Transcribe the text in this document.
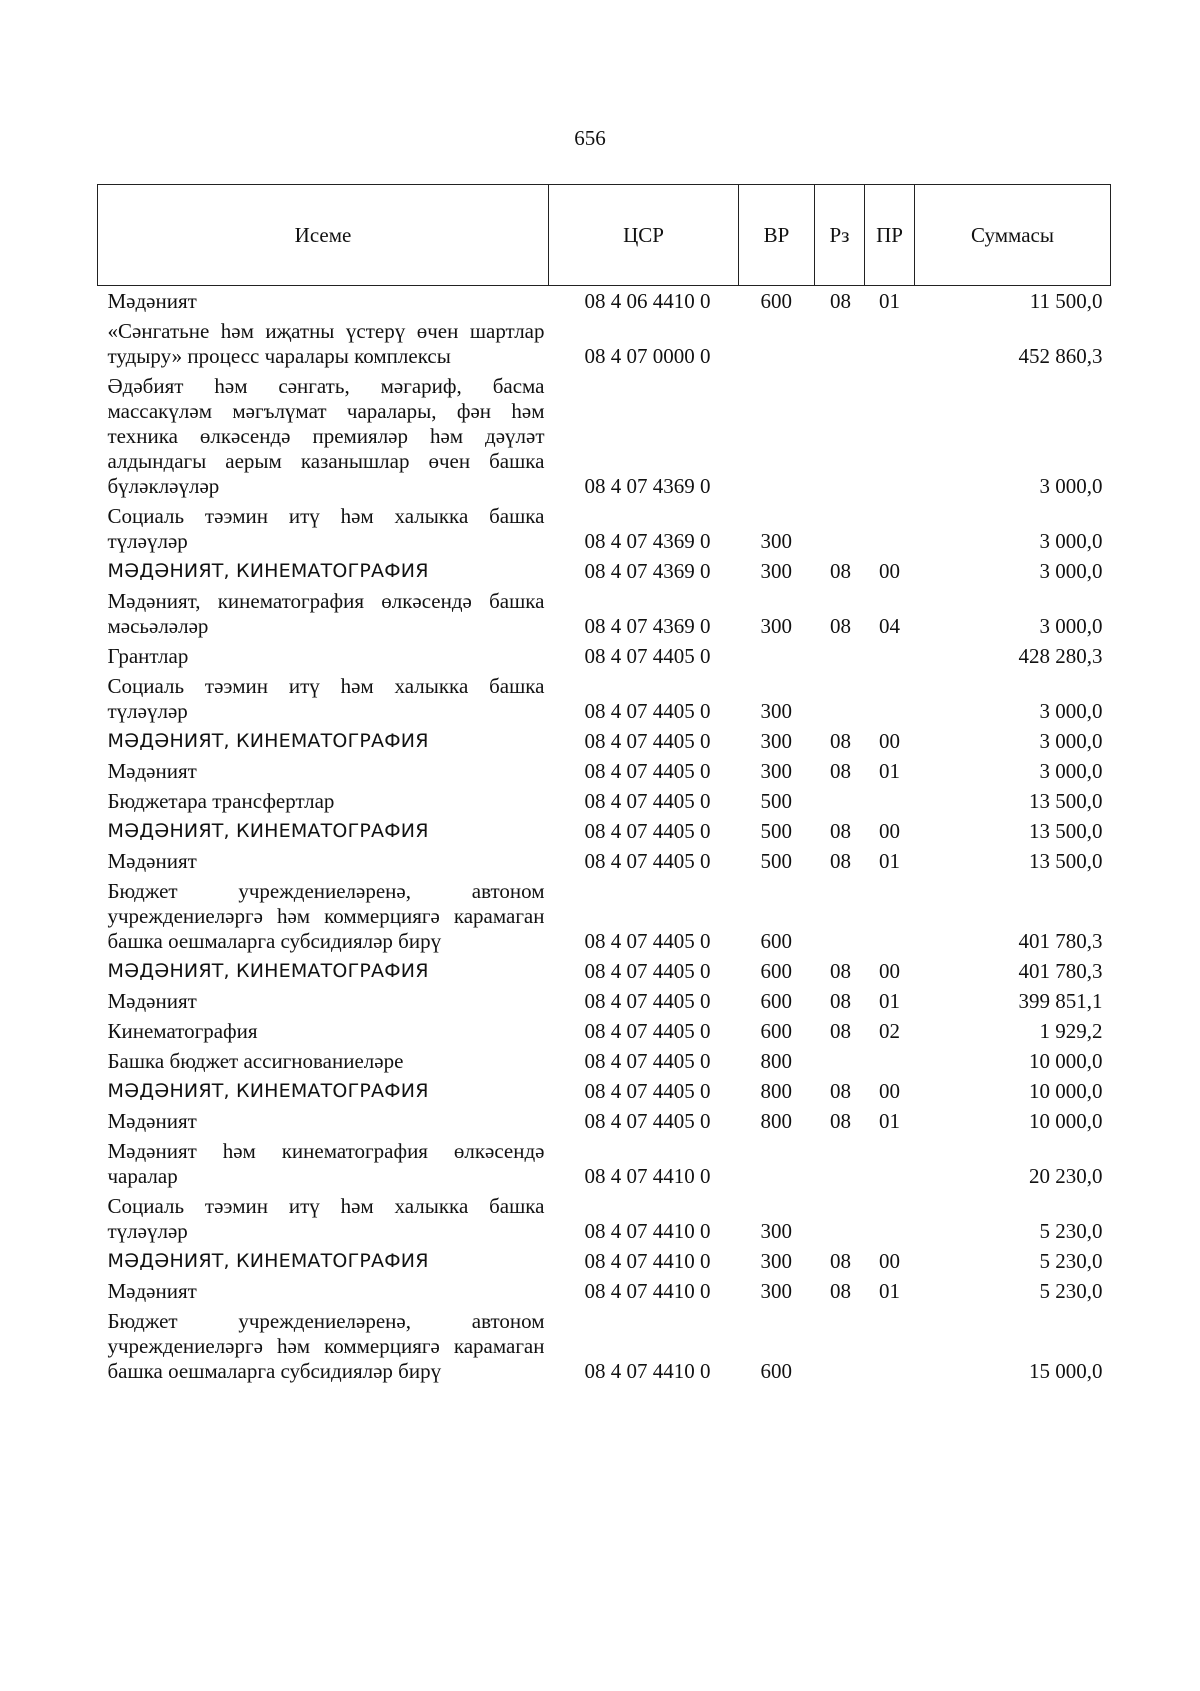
656
Исеме	ЦСР	ВР	Рз	ПР	Суммасы
Мәдәният	08 4 06 4410 0	600	08	01	11 500,0
«Сәнгатьне һәм иҗатны үстерү өчен шартлар тудыру» процесс чаралары комплексы	08 4 07 0000 0				452 860,3
Әдәбият һәм сәнгать, мәгариф, басма массакүләм мәгълүмат чаралары, фән һәм техника өлкәсендә премияләр һәм дәүләт алдындагы аерым казанышлар өчен башка бүләкләүләр	08 4 07 4369 0				3 000,0
Социаль тәэмин итү һәм халыкка башка түләүләр	08 4 07 4369 0	300			3 000,0
МӘДӘНИЯТ, КИНЕМАТОГРАФИЯ	08 4 07 4369 0	300	08	00	3 000,0
Мәдәният, кинематография өлкәсендә башка мәсьәләләр	08 4 07 4369 0	300	08	04	3 000,0
Грантлар	08 4 07 4405 0				428 280,3
Социаль тәэмин итү һәм халыкка башка түләүләр	08 4 07 4405 0	300			3 000,0
МӘДӘНИЯТ, КИНЕМАТОГРАФИЯ	08 4 07 4405 0	300	08	00	3 000,0
Мәдәният	08 4 07 4405 0	300	08	01	3 000,0
Бюджетара трансфертлар	08 4 07 4405 0	500			13 500,0
МӘДӘНИЯТ, КИНЕМАТОГРАФИЯ	08 4 07 4405 0	500	08	00	13 500,0
Мәдәният	08 4 07 4405 0	500	08	01	13 500,0
Бюджет учреждениеләренә, автоном учреждениеләргә һәм коммерциягә карамаган башка оешмаларга субсидияләр бирү	08 4 07 4405 0	600			401 780,3
МӘДӘНИЯТ, КИНЕМАТОГРАФИЯ	08 4 07 4405 0	600	08	00	401 780,3
Мәдәният	08 4 07 4405 0	600	08	01	399 851,1
Кинематография	08 4 07 4405 0	600	08	02	1 929,2
Башка бюджет ассигнованиеләре	08 4 07 4405 0	800			10 000,0
МӘДӘНИЯТ, КИНЕМАТОГРАФИЯ	08 4 07 4405 0	800	08	00	10 000,0
Мәдәният	08 4 07 4405 0	800	08	01	10 000,0
Мәдәният һәм кинематография өлкәсендә чаралар	08 4 07 4410 0				20 230,0
Социаль тәэмин итү һәм халыкка башка түләүләр	08 4 07 4410 0	300			5 230,0
МӘДӘНИЯТ, КИНЕМАТОГРАФИЯ	08 4 07 4410 0	300	08	00	5 230,0
Мәдәният	08 4 07 4410 0	300	08	01	5 230,0
Бюджет учреждениеләренә, автоном учреждениеләргә һәм коммерциягә карамаган башка оешмаларга субсидияләр бирү	08 4 07 4410 0	600			15 000,0
